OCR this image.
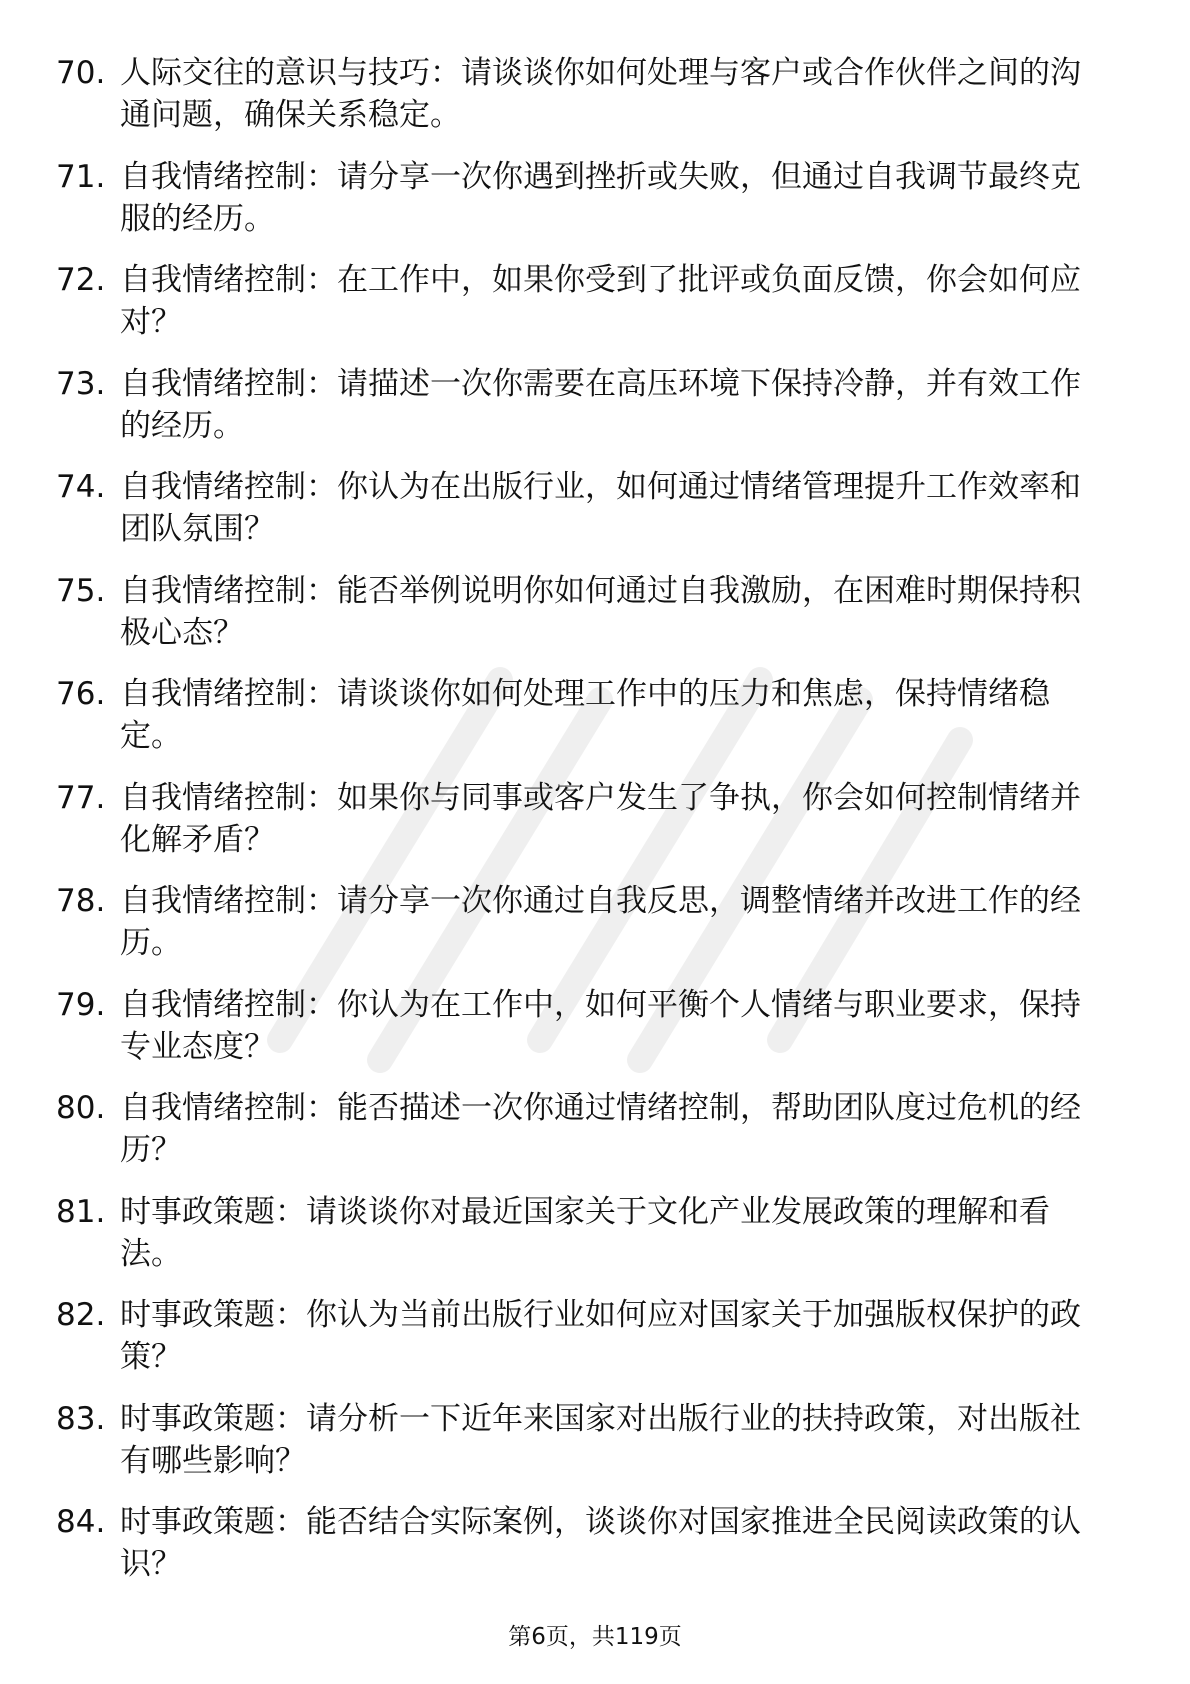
70. 人际交往的意识与技巧：请谈谈你如何处理与客户或合作伙伴之间的沟通问题，确保关系稳定。
71. 自我情绪控制：请分享一次你遇到挫折或失败，但通过自我调节最终克服的经历。
72. 自我情绪控制：在工作中，如果你受到了批评或负面反馈，你会如何应对？
73. 自我情绪控制：请描述一次你需要在高压环境下保持冷静，并有效工作的经历。
74. 自我情绪控制：你认为在出版行业，如何通过情绪管理提升工作效率和团队氛围？
75. 自我情绪控制：能否举例说明你如何通过自我激励，在困难时期保持积极心态？
76. 自我情绪控制：请谈谈你如何处理工作中的压力和焦虑，保持情绪稳定。
77. 自我情绪控制：如果你与同事或客户发生了争执，你会如何控制情绪并化解矛盾？
78. 自我情绪控制：请分享一次你通过自我反思，调整情绪并改进工作的经历。
79. 自我情绪控制：你认为在工作中，如何平衡个人情绪与职业要求，保持专业态度？
80. 自我情绪控制：能否描述一次你通过情绪控制，帮助团队度过危机的经历？
81. 时事政策题：请谈谈你对最近国家关于文化产业发展政策的理解和看法。
82. 时事政策题：你认为当前出版行业如何应对国家关于加强版权保护的政策？
83. 时事政策题：请分析一下近年来国家对出版行业的扶持政策，对出版社有哪些影响？
84. 时事政策题：能否结合实际案例，谈谈你对国家推进全民阅读政策的认识？
第6页，共119页
